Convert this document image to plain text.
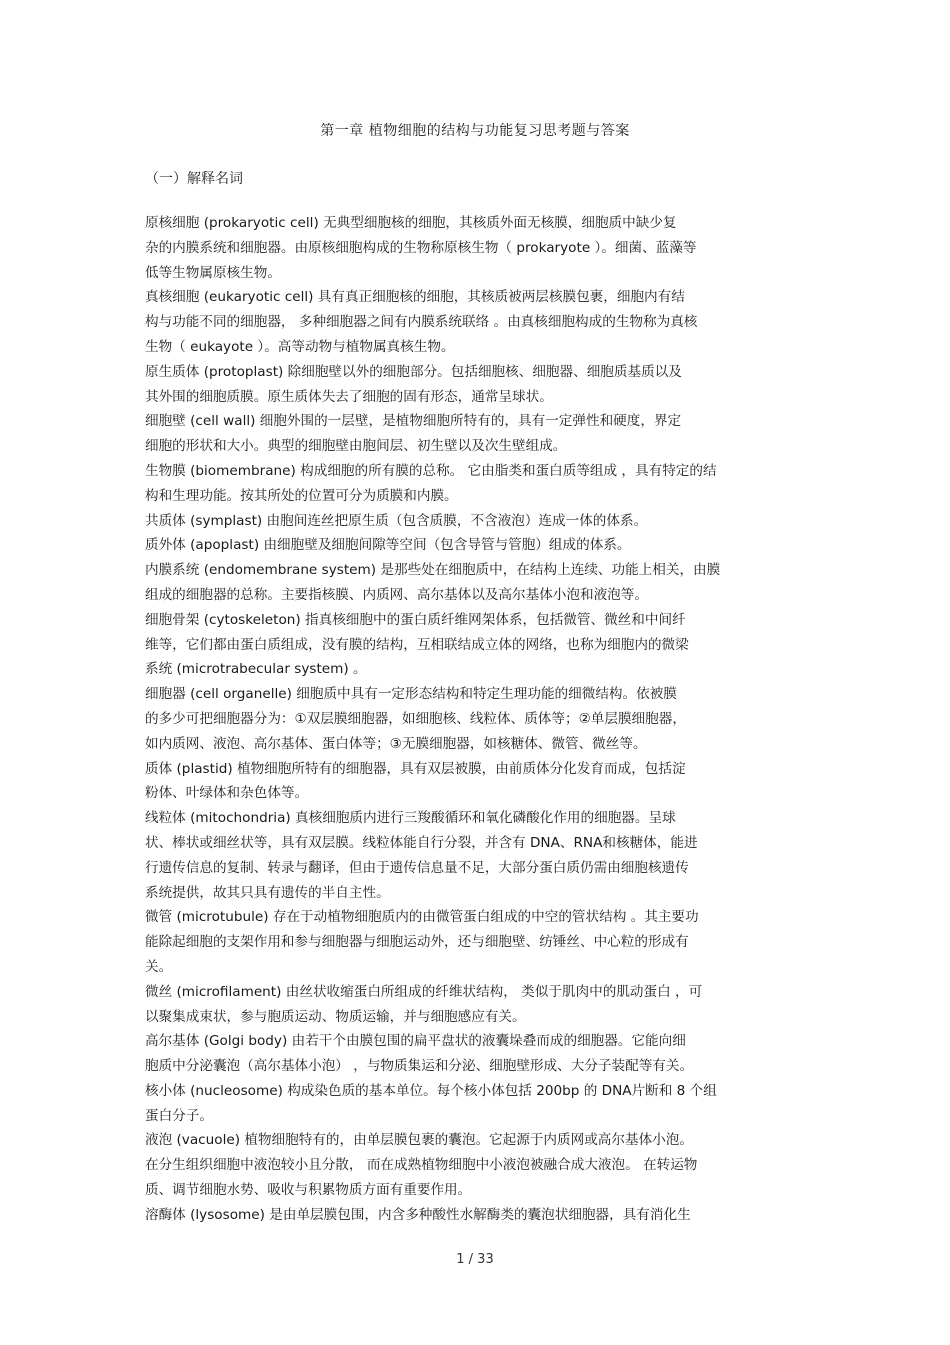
第一章 植物细胞的结构与功能复习思考题与答案
（一）解释名词
原核细胞 (prokaryotic cell) 无典型细胞核的细胞，其核质外面无核膜，细胞质中缺少复
杂的内膜系统和细胞器。由原核细胞构成的生物称原核生物（ prokaryote ）。细菌、蓝藻等
低等生物属原核生物。
真核细胞 (eukaryotic cell) 具有真正细胞核的细胞，其核质被两层核膜包裹，细胞内有结
构与功能不同的细胞器， 多种细胞器之间有内膜系统联络 。由真核细胞构成的生物称为真核
生物（ eukayote ）。高等动物与植物属真核生物。
原生质体 (protoplast) 除细胞壁以外的细胞部分。包括细胞核、细胞器、细胞质基质以及
其外围的细胞质膜。原生质体失去了细胞的固有形态，通常呈球状。
细胞壁 (cell wall) 细胞外围的一层壁，是植物细胞所特有的，具有一定弹性和硬度，界定
细胞的形状和大小。典型的细胞壁由胞间层、初生壁以及次生壁组成。
生物膜 (biomembrane) 构成细胞的所有膜的总称。 它由脂类和蛋白质等组成 ，具有特定的结
构和生理功能。按其所处的位置可分为质膜和内膜。
共质体 (symplast) 由胞间连丝把原生质（包含质膜，不含液泡）连成一体的体系。
质外体 (apoplast) 由细胞壁及细胞间隙等空间（包含导管与管胞）组成的体系。
内膜系统 (endomembrane system) 是那些处在细胞质中，在结构上连续、功能上相关，由膜
组成的细胞器的总称。主要指核膜、内质网、高尔基体以及高尔基体小泡和液泡等。
细胞骨架 (cytoskeleton) 指真核细胞中的蛋白质纤维网架体系，包括微管、微丝和中间纤
维等，它们都由蛋白质组成，没有膜的结构，互相联结成立体的网络，也称为细胞内的微梁
系统 (microtrabecular system) 。
细胞器 (cell organelle) 细胞质中具有一定形态结构和特定生理功能的细微结构。依被膜
的多少可把细胞器分为：①双层膜细胞器，如细胞核、线粒体、质体等；②单层膜细胞器，
如内质网、液泡、高尔基体、蛋白体等；③无膜细胞器，如核糖体、微管、微丝等。
质体 (plastid) 植物细胞所特有的细胞器，具有双层被膜，由前质体分化发育而成，包括淀
粉体、叶绿体和杂色体等。
线粒体 (mitochondria) 真核细胞质内进行三羧酸循环和氧化磷酸化作用的细胞器。呈球
状、棒状或细丝状等，具有双层膜。线粒体能自行分裂，并含有 DNA、RNA和核糖体，能进
行遗传信息的复制、转录与翻译，但由于遗传信息量不足，大部分蛋白质仍需由细胞核遗传
系统提供，故其只具有遗传的半自主性。
微管 (microtubule) 存在于动植物细胞质内的由微管蛋白组成的中空的管状结构 。其主要功
能除起细胞的支架作用和参与细胞器与细胞运动外，还与细胞壁、纺锤丝、中心粒的形成有
关。
微丝 (microfilament) 由丝状收缩蛋白所组成的纤维状结构， 类似于肌肉中的肌动蛋白 ，可
以聚集成束状，参与胞质运动、物质运输，并与细胞感应有关。
高尔基体 (Golgi body) 由若干个由膜包围的扁平盘状的液囊垛叠而成的细胞器。它能向细
胞质中分泌囊泡（高尔基体小泡） ，与物质集运和分泌、细胞壁形成、大分子装配等有关。
核小体 (nucleosome) 构成染色质的基本单位。每个核小体包括 200bp 的 DNA片断和 8 个组
蛋白分子。
液泡 (vacuole) 植物细胞特有的，由单层膜包裹的囊泡。它起源于内质网或高尔基体小泡。
在分生组织细胞中液泡较小且分散， 而在成熟植物细胞中小液泡被融合成大液泡。 在转运物
质、调节细胞水势、吸收与积累物质方面有重要作用。
溶酶体 (lysosome) 是由单层膜包围，内含多种酸性水解酶类的囊泡状细胞器，具有消化生
1 / 33
